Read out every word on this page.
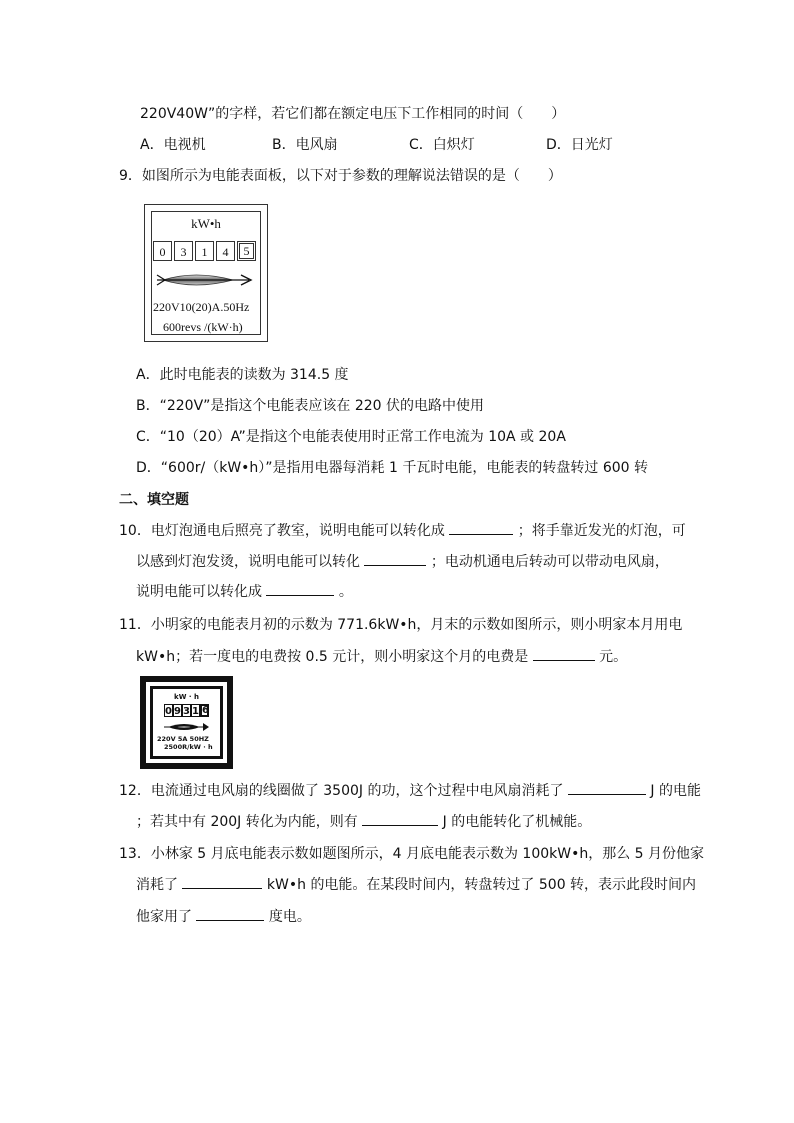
220V40W”的字样，若它们都在额定电压下工作相同的时间（　　）
A．电视机	B．电风扇	C．白炽灯	D．日光灯
9．如图所示为电能表面板，以下对于参数的理解说法错误的是（　　）
kW•h
0	3	1	4	5
220V10(20)A.50Hz
600revs /(kW·h)
A．此时电能表的读数为 314.5 度
B．“220V”是指这个电能表应该在 220 伏的电路中使用
C．“10（20）A”是指这个电能表使用时正常工作电流为 10A 或 20A
D．“600r/（kW•h）”是指用电器每消耗 1 千瓦时电能，电能表的转盘转过 600 转
二、填空题
10．电灯泡通电后照亮了教室，说明电能可以转化成	；将手靠近发光的灯泡，可
以感到灯泡发烫，说明电能可以转化	；电动机通电后转动可以带动电风扇，
说明电能可以转化成	。
11．小明家的电能表月初的示数为 771.6kW•h，月末的示数如图所示，则小明家本月用电
kW•h；若一度电的电费按 0.5 元计，则小明家这个月的电费是	元。
kW · h
0 9 3 1 6
220V 5A 50HZ
2500R/kW · h
12．电流通过电风扇的线圈做了 3500J 的功，这个过程中电风扇消耗了	J 的电能
；若其中有 200J 转化为内能，则有	J 的电能转化了机械能。
13．小林家 5 月底电能表示数如题图所示，4 月底电能表示数为 100kW•h，那么 5 月份他家
消耗了	kW•h 的电能。在某段时间内，转盘转过了 500 转，表示此段时间内
他家用了	度电。
